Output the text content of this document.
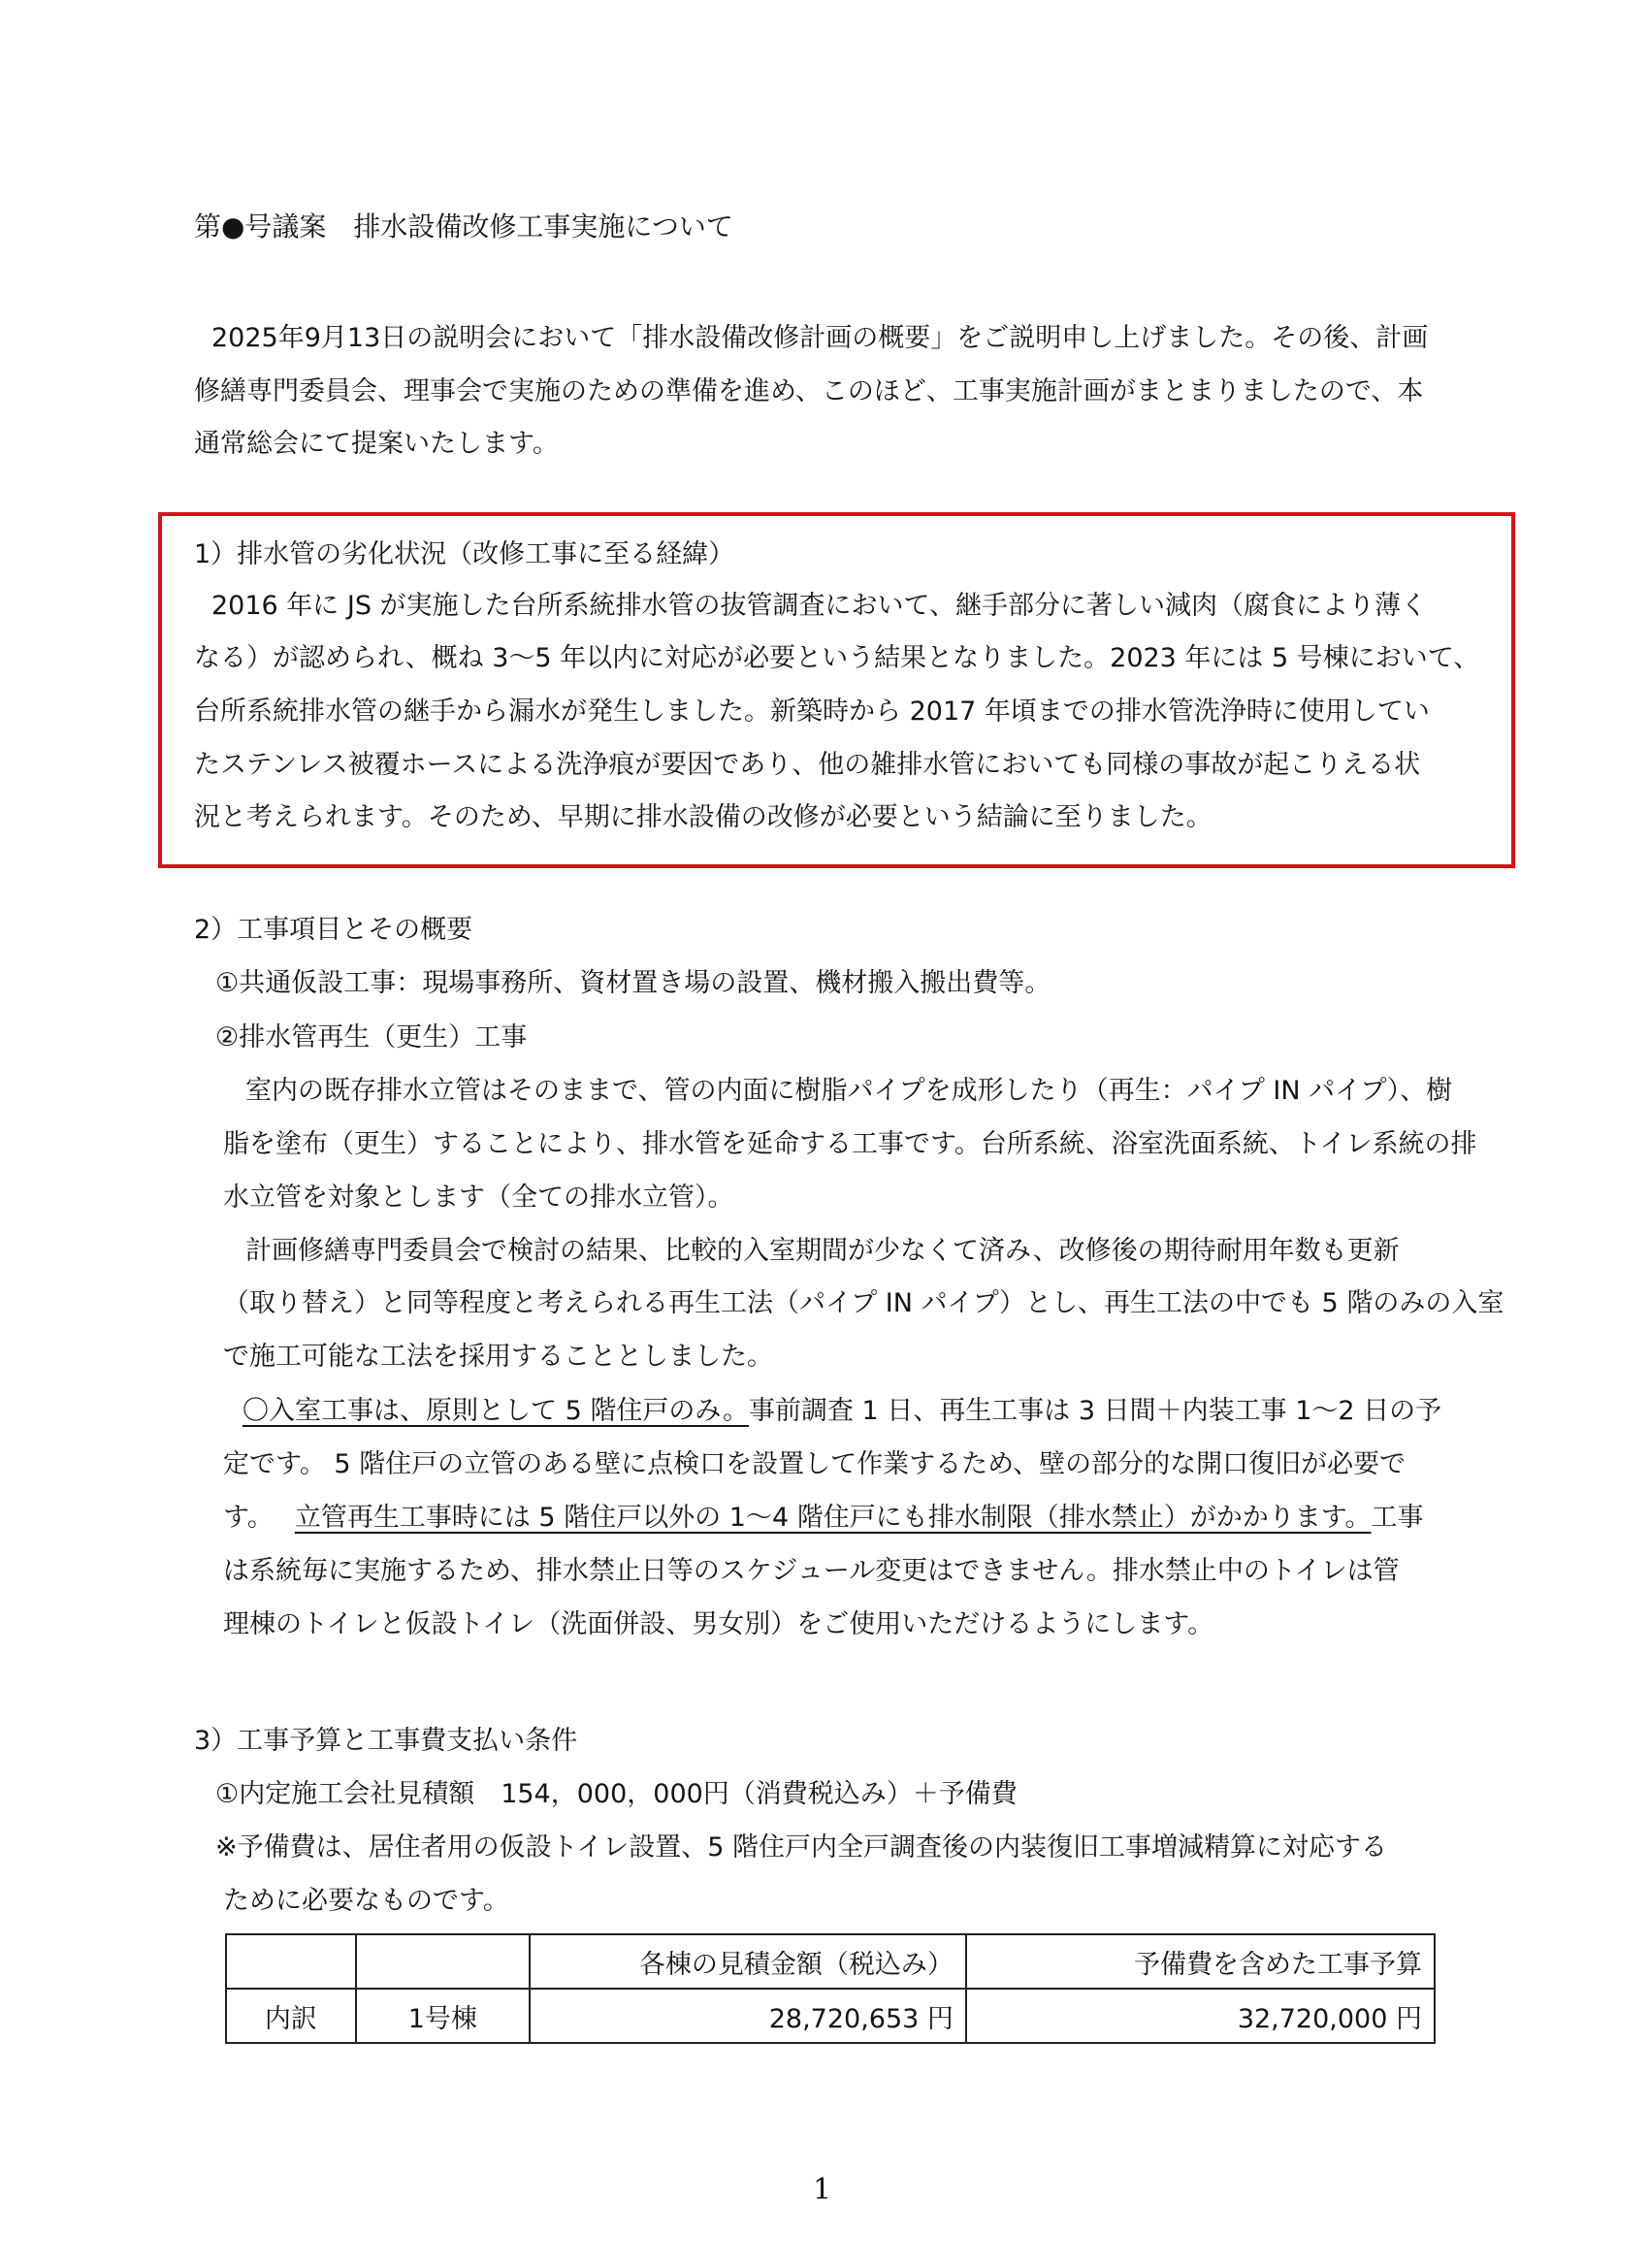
第●号議案　排水設備改修工事実施について
2025年9月13日の説明会において「排水設備改修計画の概要」をご説明申し上げました。その後、計画
修繕専門委員会、理事会で実施のための準備を進め、このほど、工事実施計画がまとまりましたので、本
通常総会にて提案いたします。
1）排水管の劣化状況（改修工事に至る経緯）
2016 年に JS が実施した台所系統排水管の抜管調査において、継手部分に著しい減肉（腐食により薄く
なる）が認められ、概ね 3～5 年以内に対応が必要という結果となりました。2023 年には 5 号棟において、
台所系統排水管の継手から漏水が発生しました。新築時から 2017 年頃までの排水管洗浄時に使用してい
たステンレス被覆ホースによる洗浄痕が要因であり、他の雑排水管においても同様の事故が起こりえる状
況と考えられます。そのため、早期に排水設備の改修が必要という結論に至りました。
2）工事項目とその概要
①共通仮設工事：現場事務所、資材置き場の設置、機材搬入搬出費等。
②排水管再生（更生）工事
室内の既存排水立管はそのままで、管の内面に樹脂パイプを成形したり（再生：パイプ IN パイプ）、樹
脂を塗布（更生）することにより、排水管を延命する工事です。台所系統、浴室洗面系統、トイレ系統の排
水立管を対象とします（全ての排水立管）。
計画修繕専門委員会で検討の結果、比較的入室期間が少なくて済み、改修後の期待耐用年数も更新
（取り替え）と同等程度と考えられる再生工法（パイプ IN パイプ）とし、再生工法の中でも 5 階のみの入室
で施工可能な工法を採用することとしました。
〇入室工事は、原則として 5 階住戸のみ。事前調査 1 日、再生工事は 3 日間＋内装工事 1～2 日の予
定です。 5 階住戸の立管のある壁に点検口を設置して作業するため、壁の部分的な開口復旧が必要で
す。 立管再生工事時には 5 階住戸以外の 1～4 階住戸にも排水制限（排水禁止）がかかります。工事
は系統毎に実施するため、排水禁止日等のスケジュール変更はできません。排水禁止中のトイレは管
理棟のトイレと仮設トイレ（洗面併設、男女別）をご使用いただけるようにします。
3）工事予算と工事費支払い条件
①内定施工会社見積額　154，000，000円（消費税込み）＋予備費
※予備費は、居住者用の仮設トイレ設置、5 階住戸内全戸調査後の内装復旧工事増減精算に対応する
ために必要なものです。
		各棟の見積金額（税込み）	予備費を含めた工事予算
内訳	1号棟	28,720,653 円	32,720,000 円
1
